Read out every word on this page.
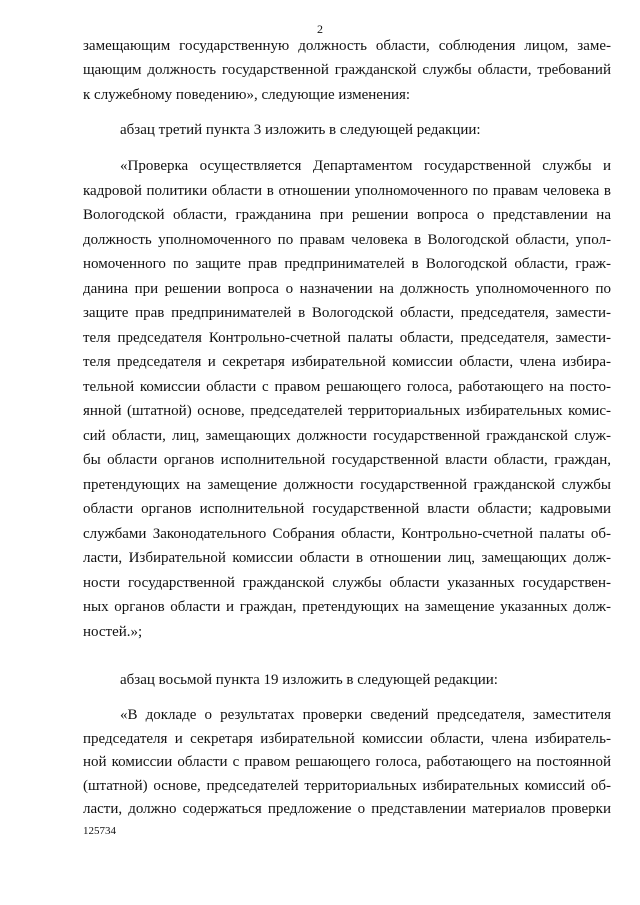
2
замещающим государственную должность области, соблюдения лицом, заме-
щающим должность государственной гражданской службы области, требований
к служебному поведению», следующие изменения:
абзац третий пункта 3 изложить в следующей редакции:
«Проверка осуществляется Департаментом государственной службы и
кадровой политики области в отношении уполномоченного по правам человека в
Вологодской области, гражданина при решении вопроса о представлении на
должность уполномоченного по правам человека в Вологодской области, упол-
номоченного по защите прав предпринимателей в Вологодской области, граж-
данина при решении вопроса о назначении на должность уполномоченного по
защите прав предпринимателей в Вологодской области, председателя, замести-
теля председателя Контрольно-счетной палаты области, председателя, замести-
теля председателя и секретаря избирательной комиссии области, члена избира-
тельной комиссии области с правом решающего голоса, работающего на посто-
янной (штатной) основе, председателей территориальных избирательных комис-
сий области, лиц, замещающих должности государственной гражданской служ-
бы области органов исполнительной государственной власти области, граждан,
претендующих на замещение должности государственной гражданской службы
области органов исполнительной государственной власти области; кадровыми
службами Законодательного Собрания области, Контрольно-счетной палаты об-
ласти, Избирательной комиссии области в отношении лиц, замещающих долж-
ности государственной гражданской службы области указанных государствен-
ных органов области и граждан, претендующих на замещение указанных долж-
ностей.»;
абзац восьмой пункта 19 изложить в следующей редакции:
«В докладе о результатах проверки сведений председателя, заместителя
председателя и секретаря избирательной комиссии области, члена избиратель-
ной комиссии области с правом решающего голоса, работающего на постоянной
(штатной) основе, председателей территориальных избирательных комиссий об-
ласти, должно содержаться предложение о представлении материалов проверки
125734
